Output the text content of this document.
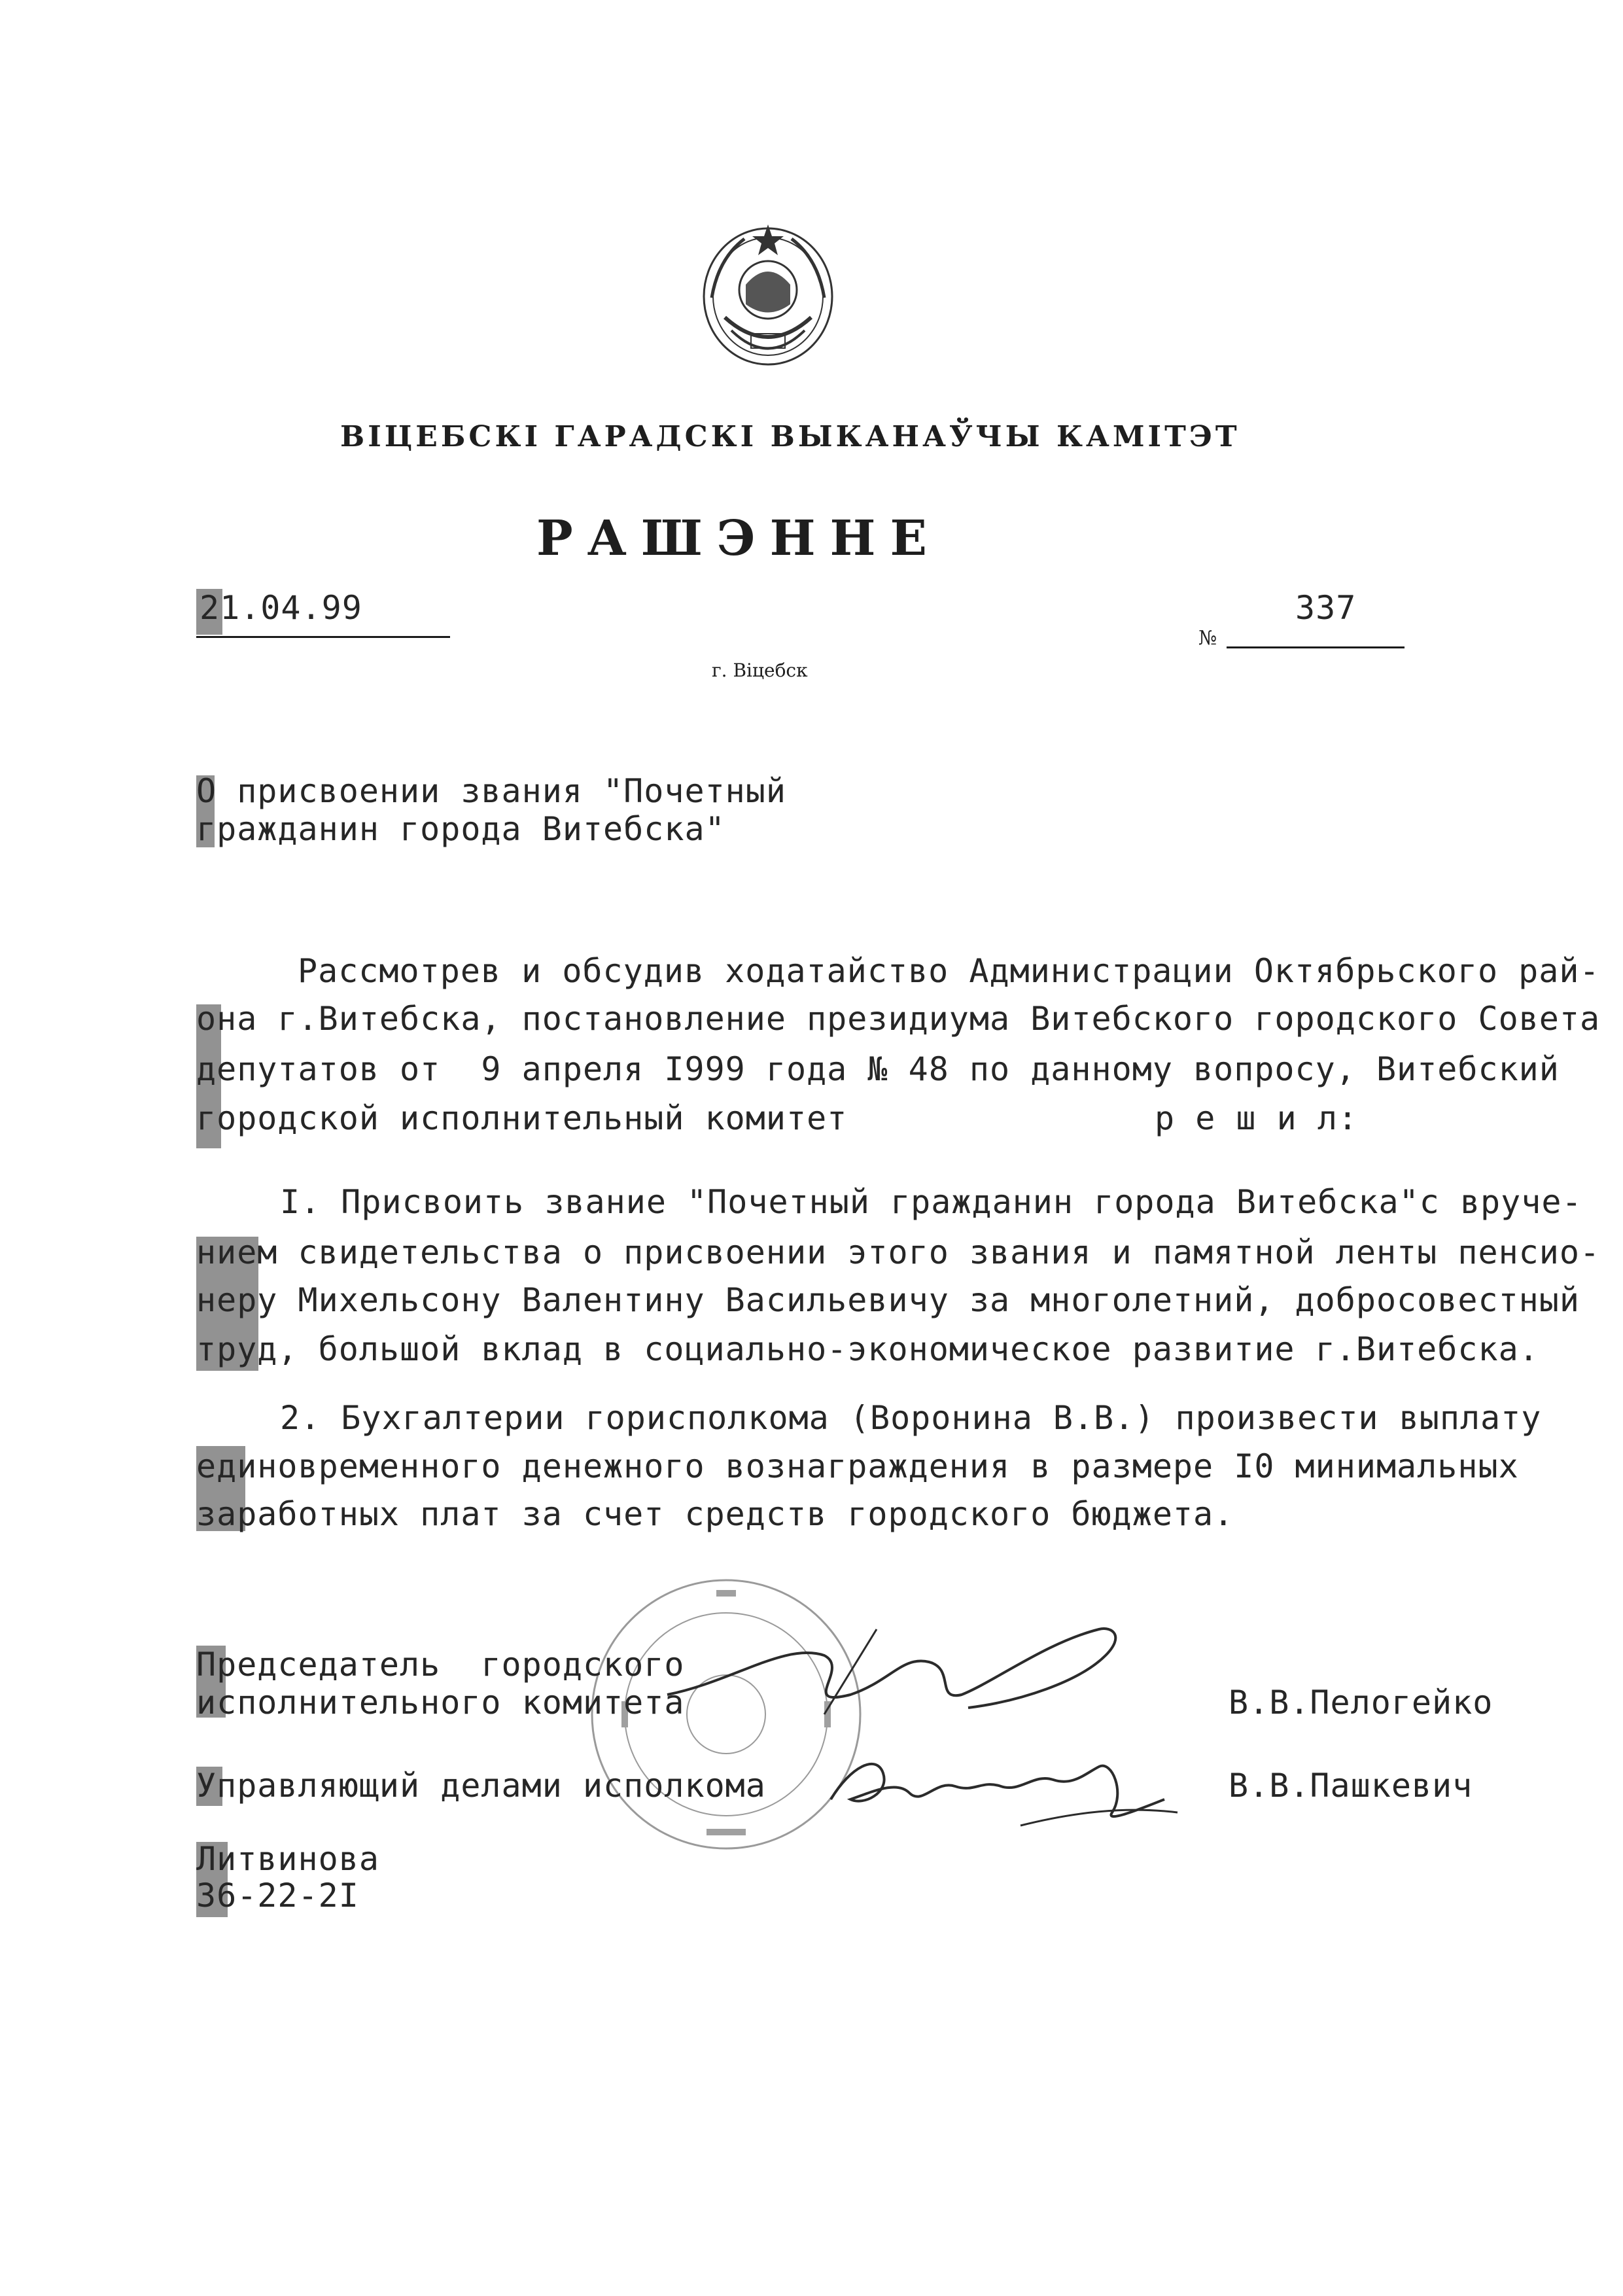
ВІЦЕБСКІ ГАРАДСКІ ВЫКАНАЎЧЫ КАМІТЭТ
РАШЭННЕ
21.04.99	337
№
г. Віцебск
О присвоении звания "Почетный
гражданин города Витебска"
Рассмотрев и обсудив ходатайство Администрации Октябрьского рай-
она г.Витебска, постановление президиума Витебского городского Совета
депутатов от  9 апреля I999 года № 48 по данному вопросу, Витебский
городской исполнительный комитет	р е ш и л:
I. Присвоить звание "Почетный гражданин города Витебска"с вруче-
нием свидетельства о присвоении этого звания и памятной ленты пенсио-
неру Михельсону Валентину Васильевичу за многолетний, добросовестный
труд, большой вклад в социально-экономическое развитие г.Витебска.
2. Бухгалтерии горисполкома (Воронина В.В.) произвести выплату
единовременного денежного вознаграждения в размере I0 минимальных
заработных плат за счет средств городского бюджета.
Председатель  городского
исполнительного комитета	В.В.Пелогейко
Управляющий делами исполкома	В.В.Пашкевич
Литвинова
36-22-2I
